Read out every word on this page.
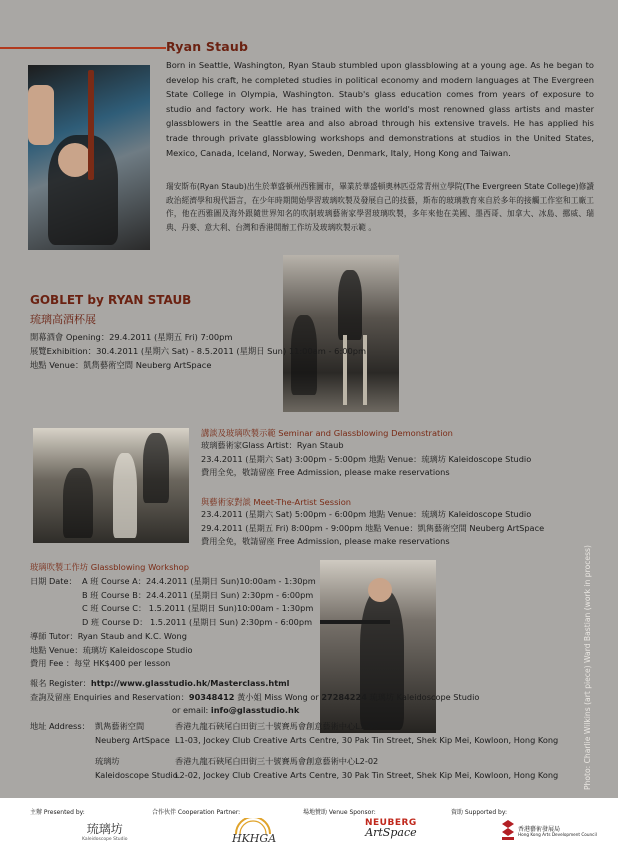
Ryan Staub
Born in Seattle, Washington, Ryan Staub stumbled upon glassblowing at a young age. As he began to develop his craft, he completed studies in political economy and modern languages at The Evergreen State College in Olympia, Washington. Staub's glass education comes from years of exposure to studio and factory work. He has trained with the world's most renowned glass artists and master glassblowers in the Seattle area and also abroad through his extensive travels. He has applied his trade through private glassblowing workshops and demonstrations at studios in the United States, Mexico, Canada, Iceland, Norway, Sweden, Denmark, Italy, Hong Kong and Taiwan.
瑞安斯布(Ryan Staub)出生於華盛頓州西雅圖市，畢業於華盛頓奧林匹亞常青州立學院(The Evergreen State College)修讀政治經濟學和現代語言，在少年時期開始學習玻璃吹製及發展自己的技藝，斯布的玻璃教育來自於多年的接觸工作室和工廠工作，他在西雅圖及海外跟隨世界知名的吹制玻璃藝術家學習玻璃吹製，多年來他在美國、墨西哥、加拿大、冰島、挪威、瑞典、丹麥、意大利、台灣和香港開辦工作坊及玻璃吹製示範 。
GOBLET by RYAN STAUB
琉璃高酒杯展
開幕酒會 Opening：29.4.2011 (星期五 Fri) 7:00pm
展覽Exhibition：30.4.2011 (星期六 Sat) - 8.5.2011 (星期日 Sun) 11:00am - 6:00pm
地點 Venue：凱雋藝術空間 Neuberg ArtSpace
講談及玻璃吹製示範 Seminar and Glassblowing Demonstration
玻璃藝術家Glass Artist：Ryan Staub
23.4.2011 (星期六 Sat) 3:00pm - 5:00pm 地點 Venue：琉璃坊 Kaleidoscope Studio
費用全免，敬請留座 Free Admission, please make reservations
與藝術家對談 Meet-The-Artist Session
23.4.2011 (星期六 Sat) 5:00pm - 6:00pm 地點 Venue：琉璃坊 Kaleidoscope Studio
29.4.2011 (星期五 Fri) 8:00pm - 9:00pm 地點 Venue：凱雋藝術空間 Neuberg ArtSpace
費用全免，敬請留座 Free Admission, please make reservations
玻璃吹製工作坊 Glassblowing Workshop
日期 Date： A 班 Course A：24.4.2011 (星期日 Sun)10:00am - 1:30pm
B 班 Course B：24.4.2011 (星期日 Sun) 2:30pm - 6:00pm
C 班 Course C： 1.5.2011 (星期日 Sun)10:00am - 1:30pm
D 班 Course D： 1.5.2011 (星期日 Sun) 2:30pm - 6:00pm
導師 Tutor：Ryan Staub and K.C. Wong
地點 Venue：琉璃坊 Kaleidoscope Studio
費用 Fee ：每堂 HK$400 per lesson
報名 Register：http://www.glasstudio.hk/Masterclass.html
查詢及留座 Enquiries and Reservation：90348412 黃小姐 Miss Wong or 27284224 琉璃坊 Kaleidoscope Studio
or email: info@glasstudio.hk
地址 Address： 凱雋藝術空間
Neuberg ArtSpace
香港九龍石硤尾白田街三十號賽馬會創意藝術中心L1-03
L1-03, Jockey Club Creative Arts Centre, 30 Pak Tin Street, Shek Kip Mei, Kowloon, Hong Kong
琉璃坊
Kaleidoscope Studio
香港九龍石硤尾白田街三十號賽馬會創意藝術中心L2-02
L2-02, Jockey Club Creative Arts Centre, 30 Pak Tin Street, Shek Kip Mei, Kowloon, Hong Kong	Photo: Charlie Wilkins (art piece) Ward Bastian (work in process)
主辦 Presented by:	合作伙伴 Cooperation Partner:	場地贊助 Venue Sponsor:	資助 Supported by:
琉璃坊
Kaleidoscope Studio	HKHGA
NEUBERG
ArtSpace	香港藝術發展局
Hong Kong Arts Development Council
